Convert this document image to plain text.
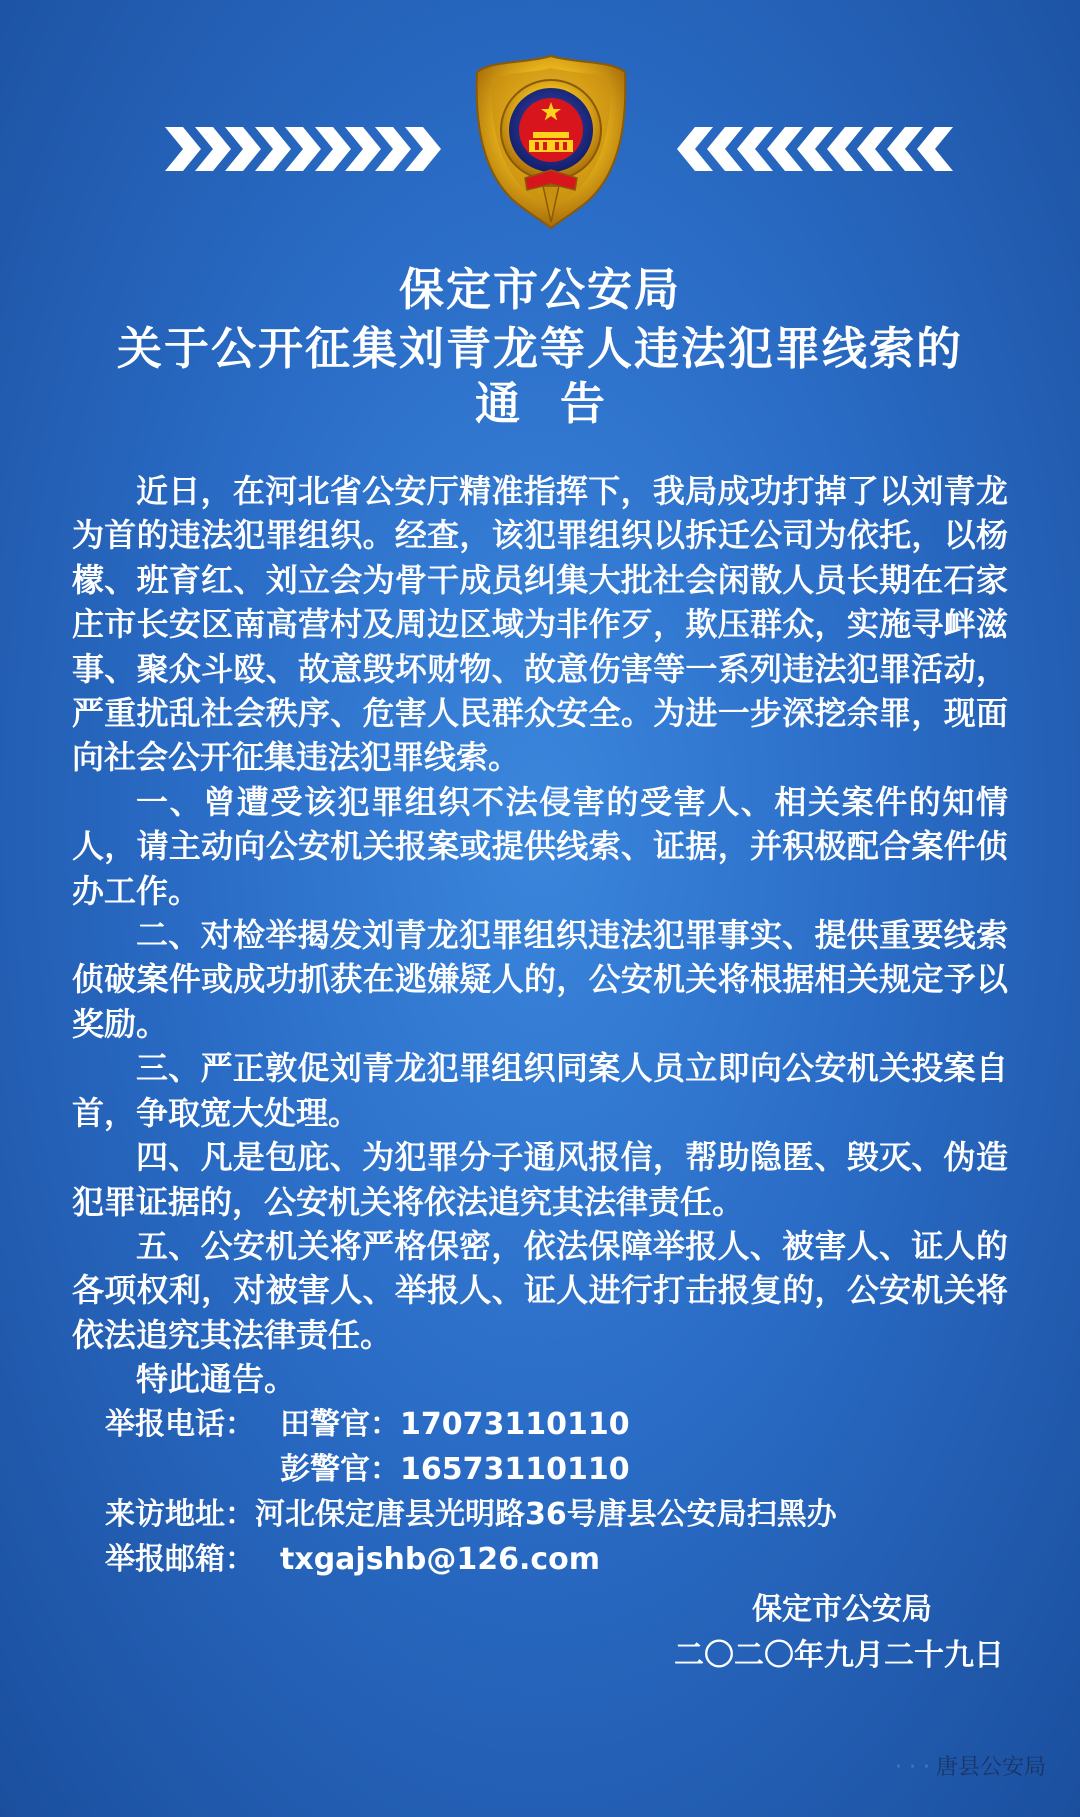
保定市公安局
关于公开征集刘青龙等人违法犯罪线索的
通告

近日，在河北省公安厅精准指挥下，我局成功打掉了以刘青龙为首的违法犯罪组织。经查，该犯罪组织以拆迁公司为依托，以杨檬、班育红、刘立会为骨干成员纠集大批社会闲散人员长期在石家庄市长安区南高营村及周边区域为非作歹，欺压群众，实施寻衅滋事、聚众斗殴、故意毁坏财物、故意伤害等一系列违法犯罪活动，严重扰乱社会秩序、危害人民群众安全。为进一步深挖余罪，现面向社会公开征集违法犯罪线索。

一、曾遭受该犯罪组织不法侵害的受害人、相关案件的知情人，请主动向公安机关报案或提供线索、证据，并积极配合案件侦办工作。

二、对检举揭发刘青龙犯罪组织违法犯罪事实、提供重要线索侦破案件或成功抓获在逃嫌疑人的，公安机关将根据相关规定予以奖励。

三、严正敦促刘青龙犯罪组织同案人员立即向公安机关投案自首，争取宽大处理。

四、凡是包庇、为犯罪分子通风报信，帮助隐匿、毁灭、伪造犯罪证据的，公安机关将依法追究其法律责任。

五、公安机关将严格保密，依法保障举报人、被害人、证人的各项权利，对被害人、举报人、证人进行打击报复的，公安机关将依法追究其法律责任。

特此通告。

举报电话： 田警官：17073110110
彭警官：16573110110
来访地址：河北保定唐县光明路36号唐县公安局扫黑办
举报邮箱： txgajshb@126.com
保定市公安局
二〇二〇年九月二十九日
· · · 唐县公安局
